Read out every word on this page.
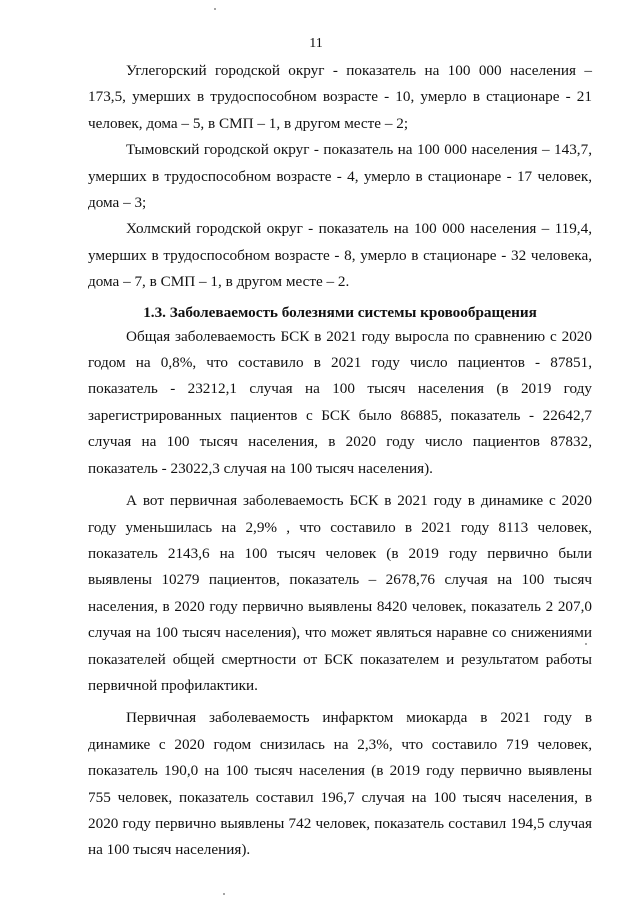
11

Углегорский городской округ - показатель на 100 000 населения – 173,5, умерших в трудоспособном возрасте - 10, умерло в стационаре - 21 человек, дома – 5, в СМП – 1, в другом месте – 2;

Тымовский городской округ - показатель на 100 000 населения – 143,7, умерших в трудоспособном возрасте - 4, умерло в стационаре - 17 человек, дома – 3;

Холмский городской округ - показатель на 100 000 населения – 119,4, умерших в трудоспособном возрасте - 8, умерло в стационаре - 32 человека, дома – 7, в СМП – 1, в другом месте – 2.

1.3. Заболеваемость болезнями системы кровообращения

Общая заболеваемость БСК в 2021 году выросла по сравнению с 2020 годом на 0,8%, что составило в 2021 году число пациентов - 87851, показатель - 23212,1 случая на 100 тысяч населения (в 2019 году зарегистрированных пациентов с БСК было 86885, показатель - 22642,7 случая на 100 тысяч населения, в 2020 году число пациентов 87832, показатель - 23022,3 случая на 100 тысяч населения).

А вот первичная заболеваемость БСК в 2021 году в динамике с 2020 году уменьшилась на 2,9% , что составило в 2021 году 8113 человек, показатель 2143,6 на 100 тысяч человек (в 2019 году первично были выявлены 10279 пациентов, показатель – 2678,76 случая на 100 тысяч населения, в 2020 году первично выявлены 8420 человек, показатель 2 207,0 случая на 100 тысяч населения), что может являться наравне со снижениями показателей общей смертности от БСК показателем и результатом работы первичной профилактики.

Первичная заболеваемость инфарктом миокарда в 2021 году в динамике с 2020 годом снизилась на 2,3%, что составило 719 человек, показатель 190,0 на 100 тысяч населения (в 2019 году первично выявлены 755 человек, показатель составил 196,7 случая на 100 тысяч населения, в 2020 году первично выявлены 742 человек, показатель составил 194,5 случая на 100 тысяч населения).
